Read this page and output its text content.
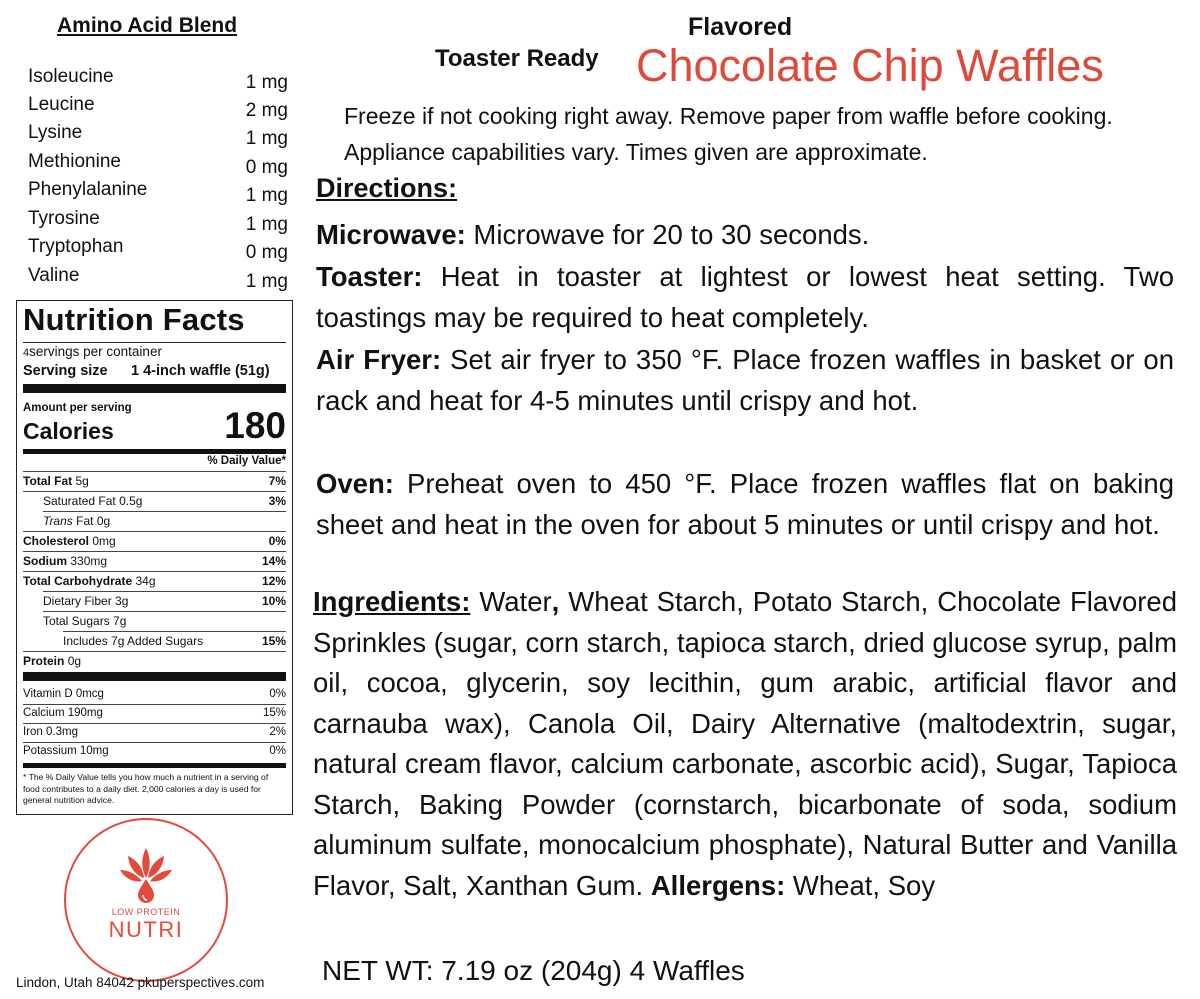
Amino Acid Blend
Isoleucine	1 mg
Leucine	2 mg
Lysine	1 mg
Methionine	0 mg
Phenylalanine	1 mg
Tyrosine	1 mg
Tryptophan	0 mg
Valine	1 mg
Nutrition Facts
4servings per container
Serving size 1 4-inch waffle (51g)
Amount per serving
Calories	180
% Daily Value*
Total Fat 5g	7%
Saturated Fat 0.5g	3%
Trans Fat 0g
Cholesterol 0mg	0%
Sodium 330mg	14%
Total Carbohydrate 34g	12%
Dietary Fiber 3g	10%
Total Sugars 7g
Includes 7g Added Sugars	15%
Protein 0g
Vitamin D 0mcg	0%
Calcium 190mg	15%
Iron 0.3mg	2%
Potassium 10mg	0%
* The % Daily Value tells you how much a nutrient in a serving of food contributes to a daily diet. 2,000 calories a day is used for general nutrition advice.
LOW PROTEIN
NUTRI
Lindon, Utah 84042 pkuperspectives.com
Flavored
Toaster Ready Chocolate Chip Waffles
Freeze if not cooking right away. Remove paper from waffle before cooking. Appliance capabilities vary. Times given are approximate.
Directions:
Microwave: Microwave for 20 to 30 seconds.
Toaster: Heat in toaster at lightest or lowest heat setting. Two toastings may be required to heat completely.
Air Fryer: Set air fryer to 350 °F. Place frozen waffles in basket or on rack and heat for 4-5 minutes until crispy and hot.
Oven: Preheat oven to 450 °F. Place frozen waffles flat on baking sheet and heat in the oven for about 5 minutes or until crispy and hot.
Ingredients: Water, Wheat Starch, Potato Starch, Chocolate Flavored Sprinkles (sugar, corn starch, tapioca starch, dried glucose syrup, palm oil, cocoa, glycerin, soy lecithin, gum arabic, artificial flavor and carnauba wax), Canola Oil, Dairy Alternative (maltodextrin, sugar, natural cream flavor, calcium carbonate, ascorbic acid), Sugar, Tapioca Starch, Baking Powder (cornstarch, bicarbonate of soda, sodium aluminum sulfate, monocalcium phosphate), Natural Butter and Vanilla Flavor, Salt, Xanthan Gum. Allergens: Wheat, Soy
NET WT: 7.19 oz (204g) 4 Waffles
